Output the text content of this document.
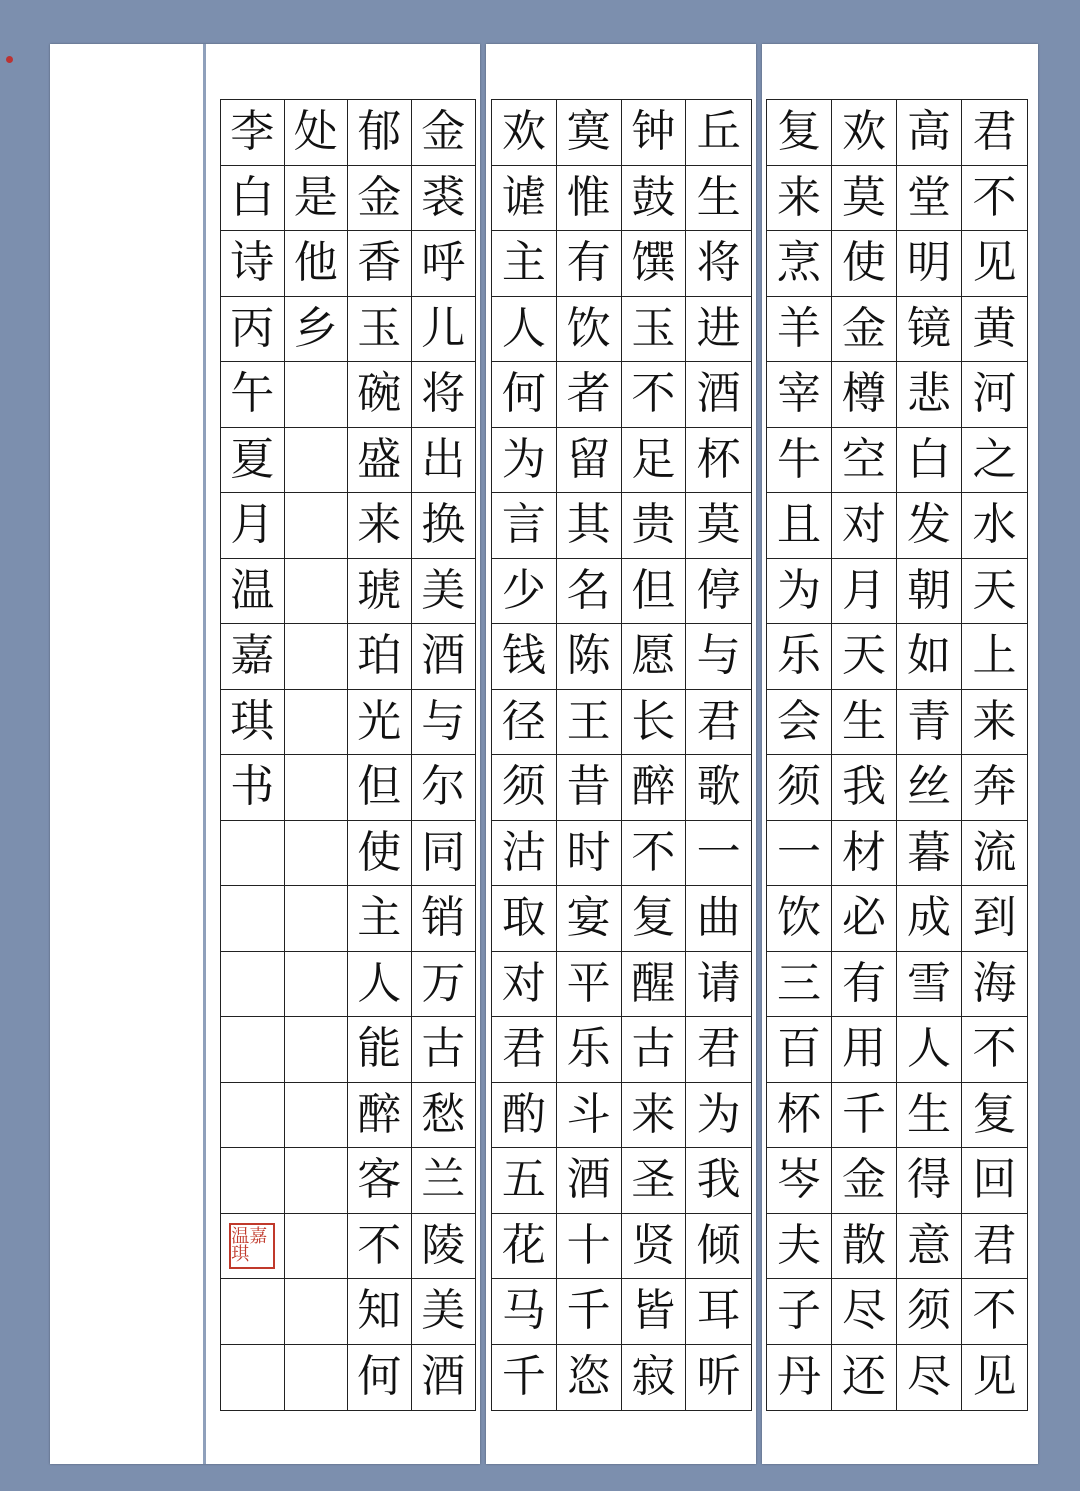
李 处 郁 金
白 是 金 裘
诗 他 香 呼
丙 乡 玉 儿
午 碗 将
夏 盛 出
月 来 换
温 琥 美
嘉 珀 酒
琪 光 与
书 但 尔
使 同
主 销
人 万
能 古
醉 愁
客 兰
温嘉琪	不 陵
知 美
何 酒
欢 寞 钟 丘
谑 惟 鼓 生
主 有 馔 将
人 饮 玉 进
何 者 不 酒
为 留 足 杯
言 其 贵 莫
少 名 但 停
钱 陈 愿 与
径 王 长 君
须 昔 醉 歌
沽 时 不 一
取 宴 复 曲
对 平 醒 请
君 乐 古 君
酌 斗 来 为
五 酒 圣 我
花 十 贤 倾
马 千 皆 耳
千 恣 寂 听
复 欢 高 君
来 莫 堂 不
烹 使 明 见
羊 金 镜 黄
宰 樽 悲 河
牛 空 白 之
且 对 发 水
为 月 朝 天
乐 天 如 上
会 生 青 来
须 我 丝 奔
一 材 暮 流
饮 必 成 到
三 有 雪 海
百 用 人 不
杯 千 生 复
岑 金 得 回
夫 散 意 君
子 尽 须 不
丹 还 尽 见
